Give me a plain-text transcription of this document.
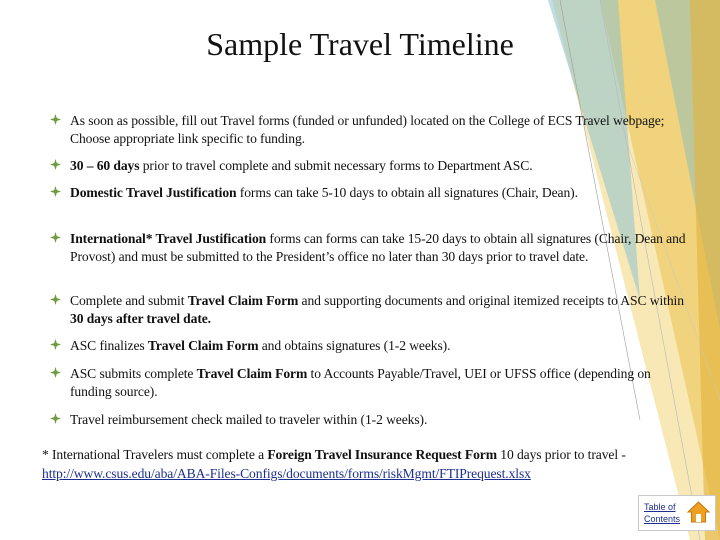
Sample Travel Timeline
As soon as possible, fill out Travel forms (funded or unfunded) located on the College of ECS Travel webpage; Choose appropriate link specific to funding.
30 – 60 days prior to travel complete and submit necessary forms to Department ASC.
Domestic Travel Justification forms can take 5-10 days to obtain all signatures (Chair, Dean).
International* Travel Justification forms can forms can take 15-20 days to obtain all signatures (Chair, Dean and Provost) and must be submitted to the President’s office no later than 30 days prior to travel date.
Complete and submit Travel Claim Form and supporting documents and original itemized receipts to ASC within 30 days after travel date.
ASC finalizes Travel Claim Form and obtains signatures (1-2 weeks).
ASC submits complete Travel Claim Form to Accounts Payable/Travel, UEI or UFSS office (depending on funding source).
Travel reimbursement check mailed to traveler within (1-2 weeks).
* International Travelers must complete a Foreign Travel Insurance Request Form 10 days prior to travel - http://www.csus.edu/aba/ABA-Files-Configs/documents/forms/riskMgmt/FTIPrequest.xlsx
Table of Contents
